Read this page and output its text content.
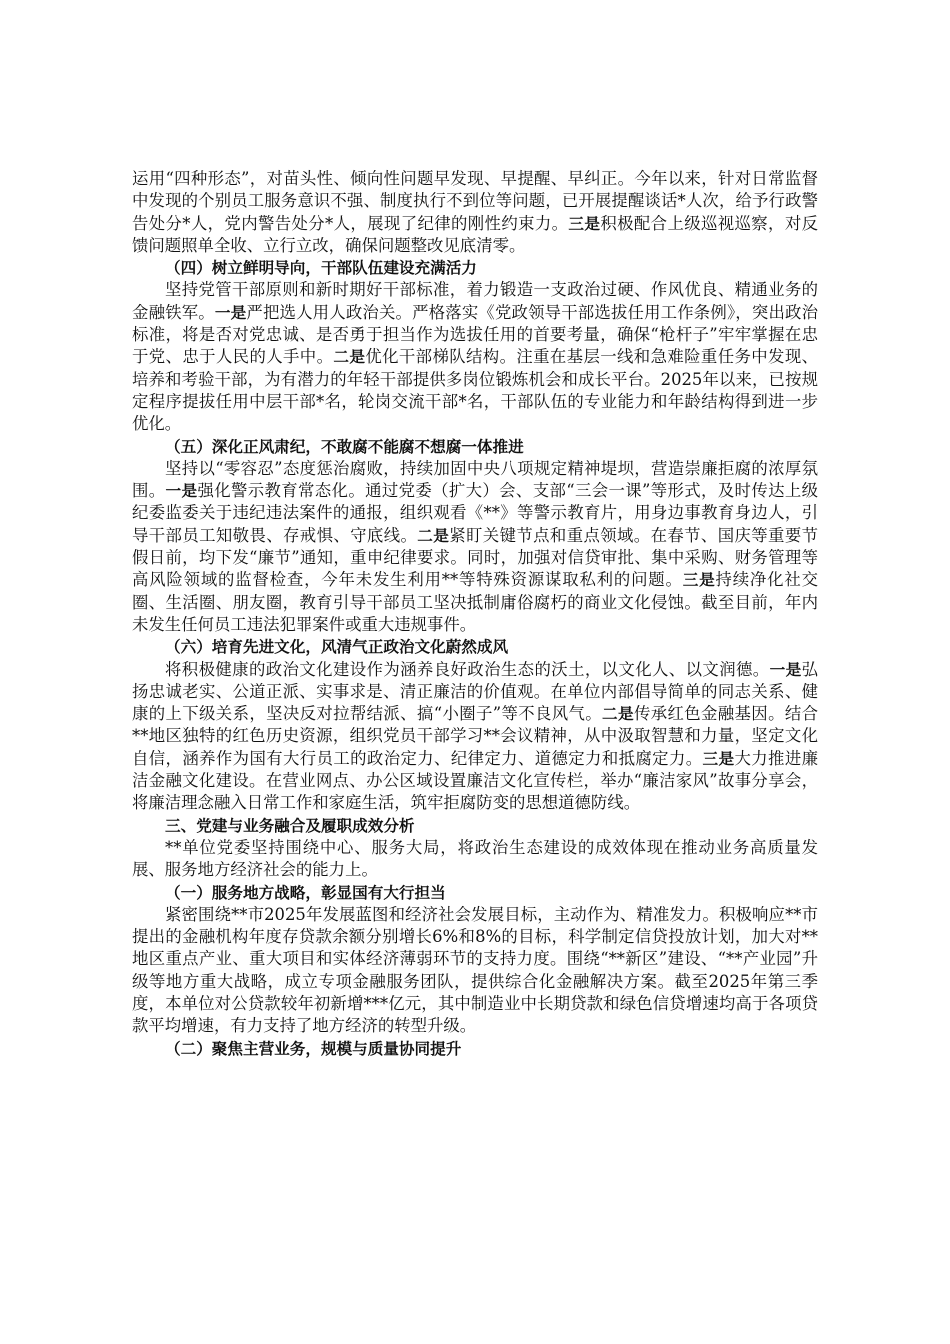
运用“四种形态”，对苗头性、倾向性问题早发现、早提醒、早纠正。今年以来，针对日常监督中发现的个别员工服务意识不强、制度执行不到位等问题，已开展提醒谈话*人次，给予行政警告处分*人，党内警告处分*人，展现了纪律的刚性约束力。三是积极配合上级巡视巡察，对反馈问题照单全收、立行立改，确保问题整改见底清零。

（四）树立鲜明导向，干部队伍建设充满活力

坚持党管干部原则和新时期好干部标准，着力锻造一支政治过硬、作风优良、精通业务的金融铁军。一是严把选人用人政治关。严格落实《党政领导干部选拔任用工作条例》，突出政治标准，将是否对党忠诚、是否勇于担当作为选拔任用的首要考量，确保“枪杆子”牢牢掌握在忠于党、忠于人民的人手中。二是优化干部梯队结构。注重在基层一线和急难险重任务中发现、培养和考验干部，为有潜力的年轻干部提供多岗位锻炼机会和成长平台。2025年以来，已按规定程序提拔任用中层干部*名，轮岗交流干部*名，干部队伍的专业能力和年龄结构得到进一步优化。

（五）深化正风肃纪，不敢腐不能腐不想腐一体推进

坚持以“零容忍”态度惩治腐败，持续加固中央八项规定精神堤坝，营造崇廉拒腐的浓厚氛围。一是强化警示教育常态化。通过党委（扩大）会、支部“三会一课”等形式，及时传达上级纪委监委关于违纪违法案件的通报，组织观看《**》等警示教育片，用身边事教育身边人，引导干部员工知敬畏、存戒惧、守底线。二是紧盯关键节点和重点领域。在春节、国庆等重要节假日前，均下发“廉节”通知，重申纪律要求。同时，加强对信贷审批、集中采购、财务管理等高风险领域的监督检查，今年未发生利用**等特殊资源谋取私利的问题。三是持续净化社交圈、生活圈、朋友圈，教育引导干部员工坚决抵制庸俗腐朽的商业文化侵蚀。截至目前，年内未发生任何员工违法犯罪案件或重大违规事件。

（六）培育先进文化，风清气正政治文化蔚然成风

将积极健康的政治文化建设作为涵养良好政治生态的沃土，以文化人、以文润德。一是弘扬忠诚老实、公道正派、实事求是、清正廉洁的价值观。在单位内部倡导简单的同志关系、健康的上下级关系，坚决反对拉帮结派、搞“小圈子”等不良风气。二是传承红色金融基因。结合**地区独特的红色历史资源，组织党员干部学习**会议精神，从中汲取智慧和力量，坚定文化自信，涵养作为国有大行员工的政治定力、纪律定力、道德定力和抵腐定力。三是大力推进廉洁金融文化建设。在营业网点、办公区域设置廉洁文化宣传栏，举办“廉洁家风”故事分享会，将廉洁理念融入日常工作和家庭生活，筑牢拒腐防变的思想道德防线。

三、党建与业务融合及履职成效分析

**单位党委坚持围绕中心、服务大局，将政治生态建设的成效体现在推动业务高质量发展、服务地方经济社会的能力上。

（一）服务地方战略，彰显国有大行担当

紧密围绕**市2025年发展蓝图和经济社会发展目标，主动作为、精准发力。积极响应**市提出的金融机构年度存贷款余额分别增长6%和8%的目标，科学制定信贷投放计划，加大对**地区重点产业、重大项目和实体经济薄弱环节的支持力度。围绕“**新区”建设、“**产业园”升级等地方重大战略，成立专项金融服务团队，提供综合化金融解决方案。截至2025年第三季度，本单位对公贷款较年初新增***亿元，其中制造业中长期贷款和绿色信贷增速均高于各项贷款平均增速，有力支持了地方经济的转型升级。

（二）聚焦主营业务，规模与质量协同提升
